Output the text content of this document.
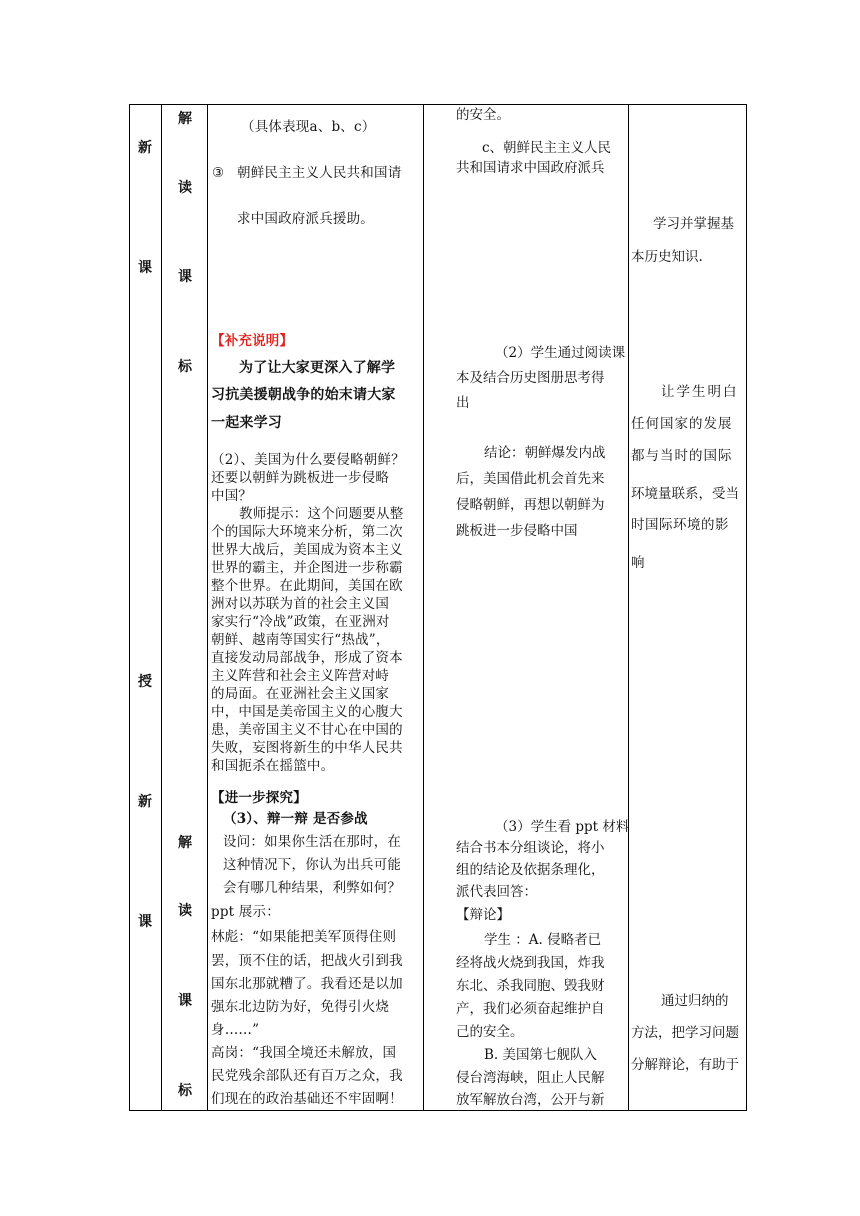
新
课
授
新
课
解
读
课
标
解
读
课
标
（具体表现a、b、c）
③ 朝鲜民主主义人民共和国请
求中国政府派兵援助。
【补充说明】
为了让大家更深入了解学
习抗美援朝战争的始末请大家
一起来学习
（2）、美国为什么要侵略朝鲜？
还要以朝鲜为跳板进一步侵略
中国？
教师提示：这个问题要从整
个的国际大环境来分析，第二次
世界大战后，美国成为资本主义
世界的霸主，并企图进一步称霸
整个世界。在此期间，美国在欧
洲对以苏联为首的社会主义国
家实行“冷战”政策，在亚洲对
朝鲜、越南等国实行“热战”，
直接发动局部战争，形成了资本
主义阵营和社会主义阵营对峙
的局面。在亚洲社会主义国家
中，中国是美帝国主义的心腹大
患，美帝国主义不甘心在中国的
失败，妄图将新生的中华人民共
和国扼杀在摇篮中。
【进一步探究】
（3）、辩一辩 是否参战
设问：如果你生活在那时，在
这种情况下，你认为出兵可能
会有哪几种结果，利弊如何？
ppt 展示：
林彪：“如果能把美军顶得住则
罢，顶不住的话，把战火引到我
国东北那就糟了。我看还是以加
强东北边防为好，免得引火烧
身……”
高岗：“我国全境还未解放，国
民党残余部队还有百万之众，我
们现在的政治基础还不牢固啊！
的安全。
c、朝鲜民主主义人民
共和国请求中国政府派兵
（2）学生通过阅读课
本及结合历史图册思考得
出
结论：朝鲜爆发内战
后，美国借此机会首先来
侵略朝鲜，再想以朝鲜为
跳板进一步侵略中国
（3）学生看 ppt 材料
结合书本分组谈论，将小
组的结论及依据条理化，
派代表回答：
【辩论】
学生 ：A. 侵略者已
经将战火烧到我国，炸我
东北、杀我同胞、毁我财
产，我们必须奋起维护自
己的安全。
B. 美国第七舰队入
侵台湾海峡，阻止人民解
放军解放台湾，公开与新
学习并掌握基
本历史知识.
让学生明白
任何国家的发展
都与当时的国际
环境量联系，受当
时国际环境的影
响
通过归纳的
方法，把学习问题
分解辩论，有助于
